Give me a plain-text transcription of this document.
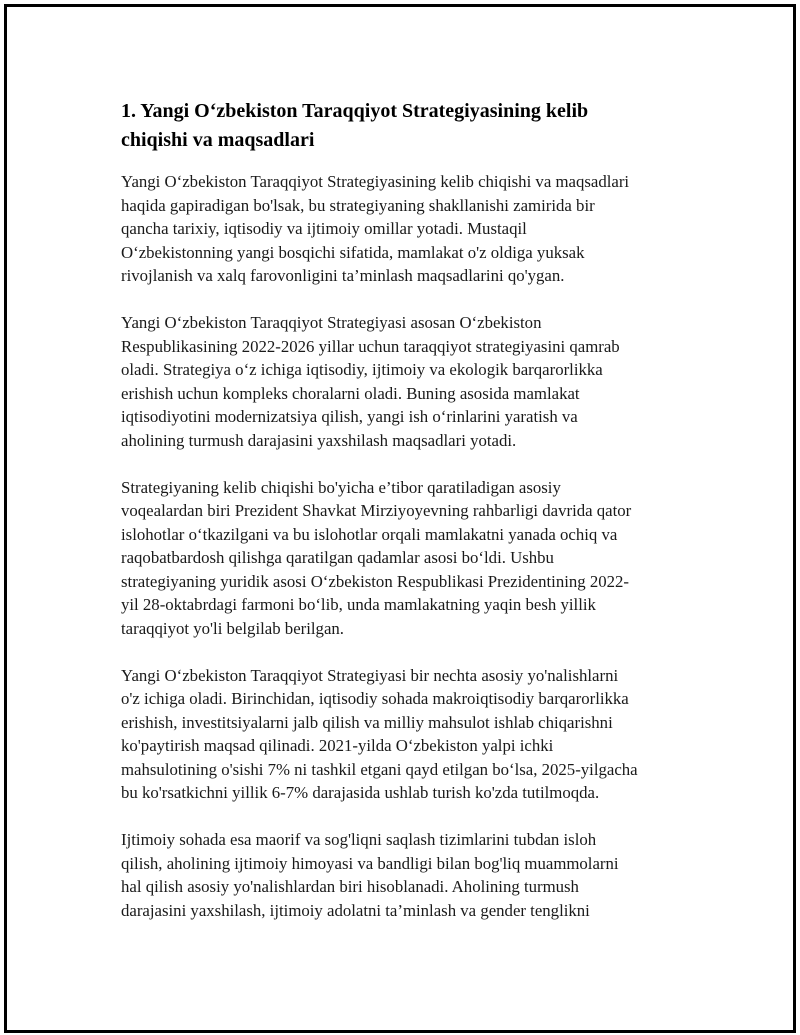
1. Yangi O‘zbekiston Taraqqiyot Strategiyasining kelib
chiqishi va maqsadlari

Yangi O‘zbekiston Taraqqiyot Strategiyasining kelib chiqishi va maqsadlari
haqida gapiradigan bo'lsak, bu strategiyaning shakllanishi zamirida bir
qancha tarixiy, iqtisodiy va ijtimoiy omillar yotadi. Mustaqil
O‘zbekistonning yangi bosqichi sifatida, mamlakat o'z oldiga yuksak
rivojlanish va xalq farovonligini ta’minlash maqsadlarini qo'ygan.

Yangi O‘zbekiston Taraqqiyot Strategiyasi asosan O‘zbekiston
Respublikasining 2022-2026 yillar uchun taraqqiyot strategiyasini qamrab
oladi. Strategiya o‘z ichiga iqtisodiy, ijtimoiy va ekologik barqarorlikka
erishish uchun kompleks choralarni oladi. Buning asosida mamlakat
iqtisodiyotini modernizatsiya qilish, yangi ish o‘rinlarini yaratish va
aholining turmush darajasini yaxshilash maqsadlari yotadi.

Strategiyaning kelib chiqishi bo'yicha e’tibor qaratiladigan asosiy
voqealardan biri Prezident Shavkat Mirziyoyevning rahbarligi davrida qator
islohotlar o‘tkazilgani va bu islohotlar orqali mamlakatni yanada ochiq va
raqobatbardosh qilishga qaratilgan qadamlar asosi bo‘ldi. Ushbu
strategiyaning yuridik asosi O‘zbekiston Respublikasi Prezidentining 2022-
yil 28-oktabrdagi farmoni bo‘lib, unda mamlakatning yaqin besh yillik
taraqqiyot yo'li belgilab berilgan.

Yangi O‘zbekiston Taraqqiyot Strategiyasi bir nechta asosiy yo'nalishlarni
o'z ichiga oladi. Birinchidan, iqtisodiy sohada makroiqtisodiy barqarorlikka
erishish, investitsiyalarni jalb qilish va milliy mahsulot ishlab chiqarishni
ko'paytirish maqsad qilinadi. 2021-yilda O‘zbekiston yalpi ichki
mahsulotining o'sishi 7% ni tashkil etgani qayd etilgan bo‘lsa, 2025-yilgacha
bu ko'rsatkichni yillik 6-7% darajasida ushlab turish ko'zda tutilmoqda.

Ijtimoiy sohada esa maorif va sog'liqni saqlash tizimlarini tubdan isloh
qilish, aholining ijtimoiy himoyasi va bandligi bilan bog'liq muammolarni
hal qilish asosiy yo'nalishlardan biri hisoblanadi. Aholining turmush
darajasini yaxshilash, ijtimoiy adolatni ta’minlash va gender tenglikni
